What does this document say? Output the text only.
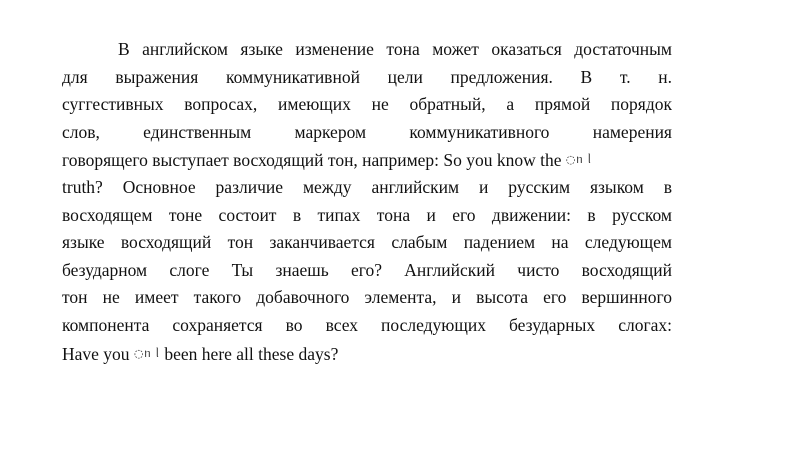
В английском языке изменение тона может оказаться достаточным
для выражения коммуникативной цели предложения. В т. н.
суггестивных вопросах, имеющих не обратный, а прямой порядок
слов, единственным маркером коммуникативного намерения
говорящего выступает восходящий тон, например: So you know the ◌ᥒ ᥣ
truth? Основное различие между английским и русским языком в
восходящем тоне состоит в типах тона и его движении: в русском
языке восходящий тон заканчивается слабым падением на следующем
безударном слоге Ты знаешь его? Английский чисто восходящий
тон не имеет такого добавочного элемента, и высота его вершинного
компонента сохраняется во всех последующих безударных слогах:
Have you ◌ᥒ ᥣ been here all these days?
